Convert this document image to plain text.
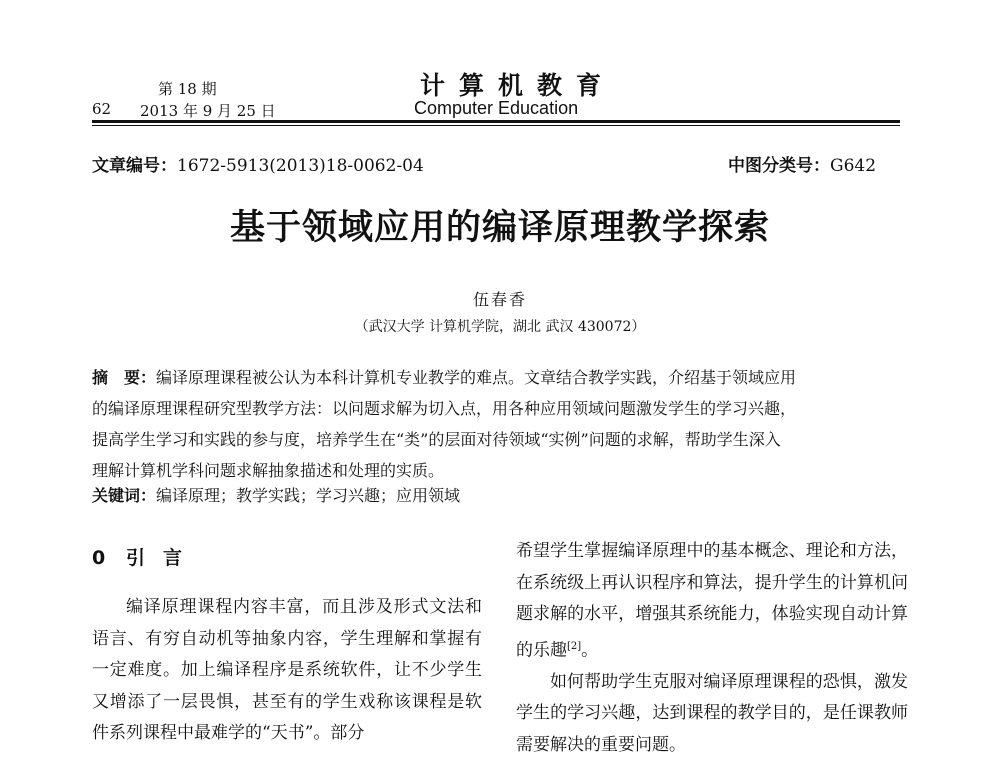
第 18 期
62 2013 年 9 月 25 日
计算机教育
Computer Education
文章编号：1672-5913(2013)18-0062-04	中图分类号：G642
基于领域应用的编译原理教学探索
伍春香
（武汉大学 计算机学院，湖北 武汉 430072）
摘　要：编译原理课程被公认为本科计算机专业教学的难点。文章结合教学实践，介绍基于领域应用
的编译原理课程研究型教学方法：以问题求解为切入点，用各种应用领域问题激发学生的学习兴趣，
提高学生学习和实践的参与度，培养学生在“类”的层面对待领域“实例”问题的求解，帮助学生深入
理解计算机学科问题求解抽象描述和处理的实质。
关键词：编译原理；教学实践；学习兴趣；应用领域
0 引言

编译原理课程内容丰富，而且涉及形式文法和语言、有穷自动机等抽象内容，学生理解和掌握有一定难度。加上编译程序是系统软件，让不少学生又增添了一层畏惧，甚至有的学生戏称该课程是软件系列课程中最难学的“天书”。部分

希望学生掌握编译原理中的基本概念、理论和方法，在系统级上再认识程序和算法，提升学生的计算机问题求解的水平，增强其系统能力，体验实现自动计算的乐趣[2]。

如何帮助学生克服对编译原理课程的恐惧，激发学生的学习兴趣，达到课程的教学目的，是任课教师需要解决的重要问题。
